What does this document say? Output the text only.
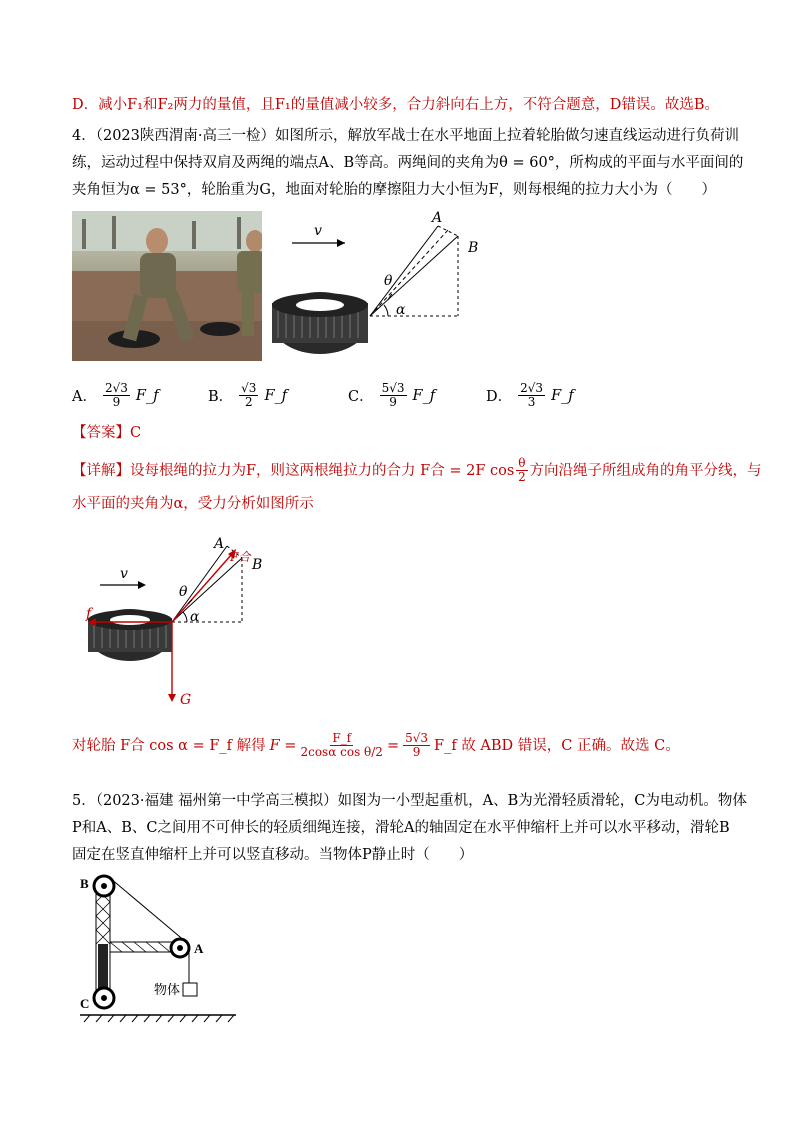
D．减小F₁和F₂两力的量值，且F₁的量值减小较多，合力斜向右上方，不符合题意，D错误。故选B。
4．（2023陕西渭南·高三一检）如图所示，解放军战士在水平地面上拉着轮胎做匀速直线运动进行负荷训
练，运动过程中保持双肩及两绳的端点A、B等高。两绳间的夹角为θ = 60°，所构成的平面与水平面间的
夹角恒为α = 53°，轮胎重为G，地面对轮胎的摩擦阻力大小恒为F，则每根绳的拉力大小为（　　）
v
A
B
θ
α
A． $\frac{2√3}{9}$ F_f	B． $\frac{√3}{2}$ F_f	C． $\frac{5√3}{9}$ F_f	D． $\frac{2√3}{3}$ F_f
【答案】C
【详解】 设每根绳的拉力为F，则这两根绳拉力的合力 F合 = 2F $\cos \frac{\theta}{2}$ 方向沿绳子所组成角的角平分线，与
水平面的夹角为α，受力分析如图所示
v
A
B
F合
θ
α
f
G
对轮胎 F合 cos α = F_f 解得 $F = \frac{F\_f}{\text{2cosα cos θ/2}} = \frac{5√3}{9}$ F_f 故 ABD 错误，C 正确。故选 C。
5．（2023·福建 福州第一中学高三模拟）如图为一小型起重机，A、B为光滑轻质滑轮，C为电动机。物体
P和A、B、C之间用不可伸长的轻质细绳连接，滑轮A的轴固定在水平伸缩杆上并可以水平移动，滑轮B
固定在竖直伸缩杆上并可以竖直移动。当物体P静止时（　　）
B
A
C
物体
